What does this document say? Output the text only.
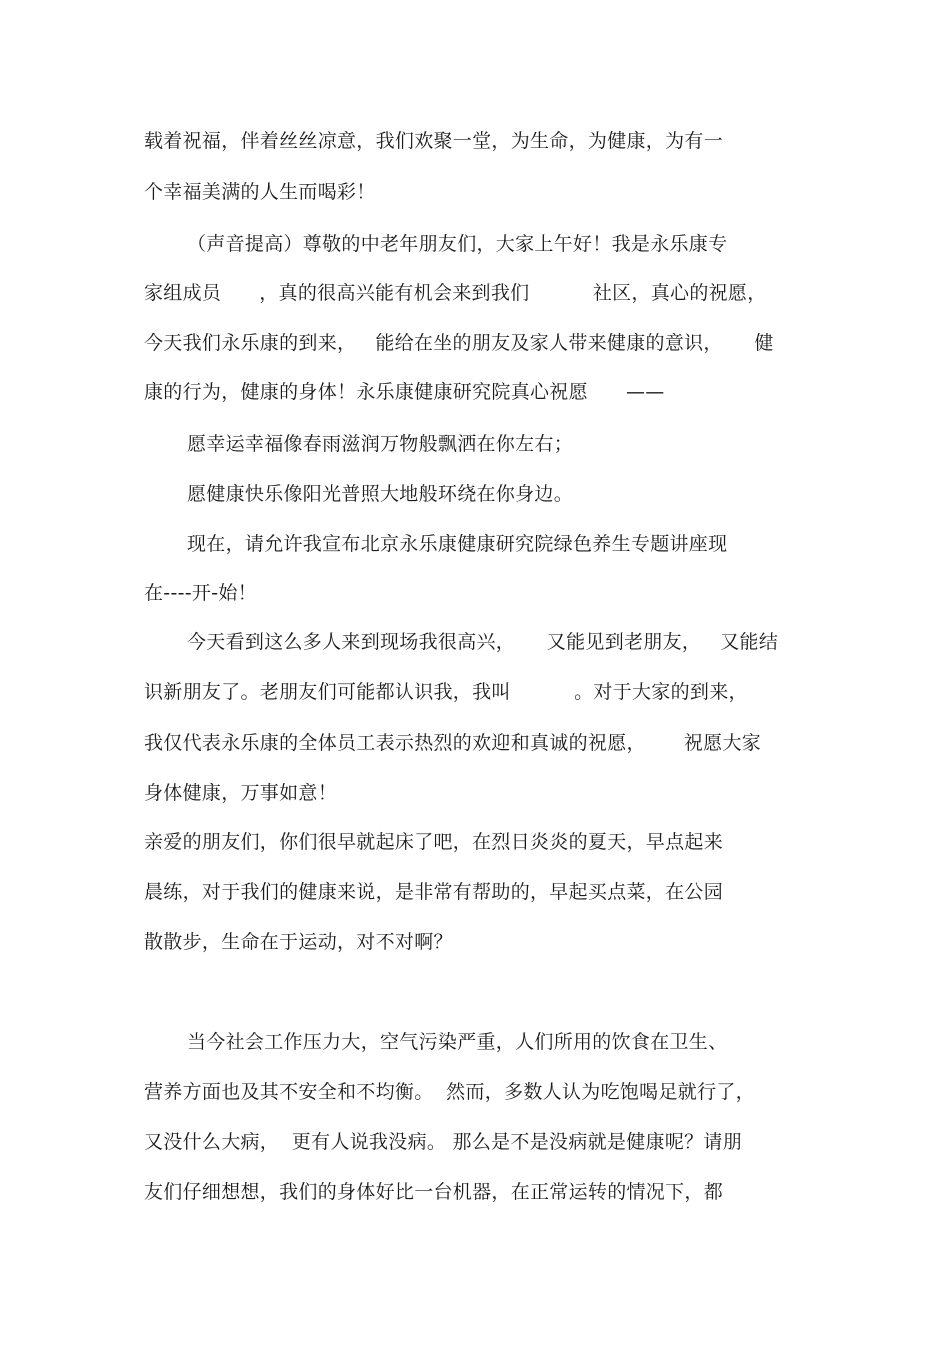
载着祝福，伴着丝丝凉意，我们欢聚一堂，为生命，为健康，为有一
个幸福美满的人生而喝彩！
（声音提高）尊敬的中老年朋友们，大家上午好！我是永乐康专
家组成员      ，真的很高兴能有机会来到我们          社区，真心的祝愿，
今天我们永乐康的到来，   能给在坐的朋友及家人带来健康的意识，     健
康的行为，健康的身体！永乐康健康研究院真心祝愿      ——
愿幸运幸福像春雨滋润万物般飘洒在你左右；
愿健康快乐像阳光普照大地般环绕在你身边。
现在，请允许我宣布北京永乐康健康研究院绿色养生专题讲座现
在----开-始！
今天看到这么多人来到现场我很高兴，     又能见到老朋友，   又能结
识新朋友了。老朋友们可能都认识我，我叫          。对于大家的到来，
我仅代表永乐康的全体员工表示热烈的欢迎和真诚的祝愿，      祝愿大家
身体健康，万事如意！
亲爱的朋友们，你们很早就起床了吧，在烈日炎炎的夏天，早点起来
晨练，对于我们的健康来说，是非常有帮助的，早起买点菜，在公园
散散步，生命在于运动，对不对啊？
当今社会工作压力大，空气污染严重，人们所用的饮食在卫生、
营养方面也及其不安全和不均衡。  然而，多数人认为吃饱喝足就行了，
又没什么大病，  更有人说我没病。 那么是不是没病就是健康呢？请朋
友们仔细想想，我们的身体好比一台机器，在正常运转的情况下，都
